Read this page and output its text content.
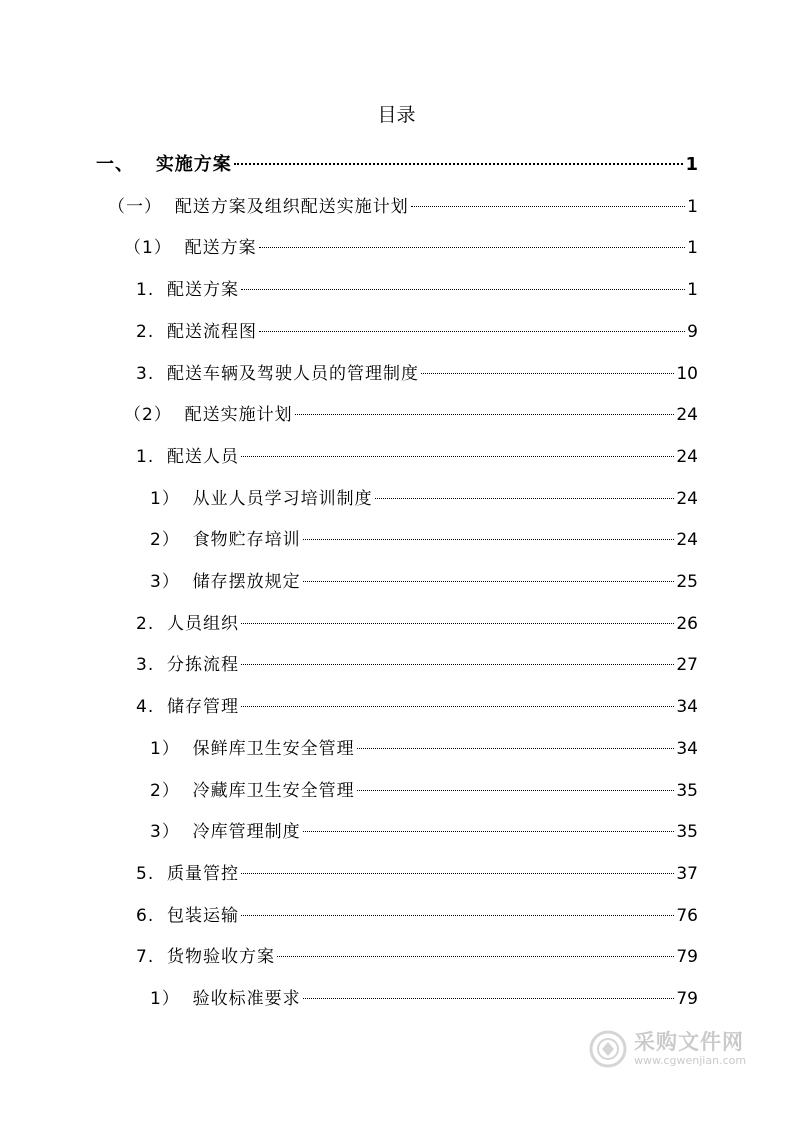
目录
一、 实施方案	1
（一） 配送方案及组织配送实施计划	1
（1） 配送方案	1
1. 配送方案	1
2. 配送流程图	9
3. 配送车辆及驾驶人员的管理制度	10
（2） 配送实施计划	24
1. 配送人员	24
1） 从业人员学习培训制度	24
2） 食物贮存培训	24
3） 储存摆放规定	25
2. 人员组织	26
3. 分拣流程	27
4. 储存管理	34
1） 保鲜库卫生安全管理	34
2） 冷藏库卫生安全管理	35
3） 冷库管理制度	35
5. 质量管控	37
6. 包装运输	76
7. 货物验收方案	79
1） 验收标准要求	79
采购文件网
www.cgwenjian.com
